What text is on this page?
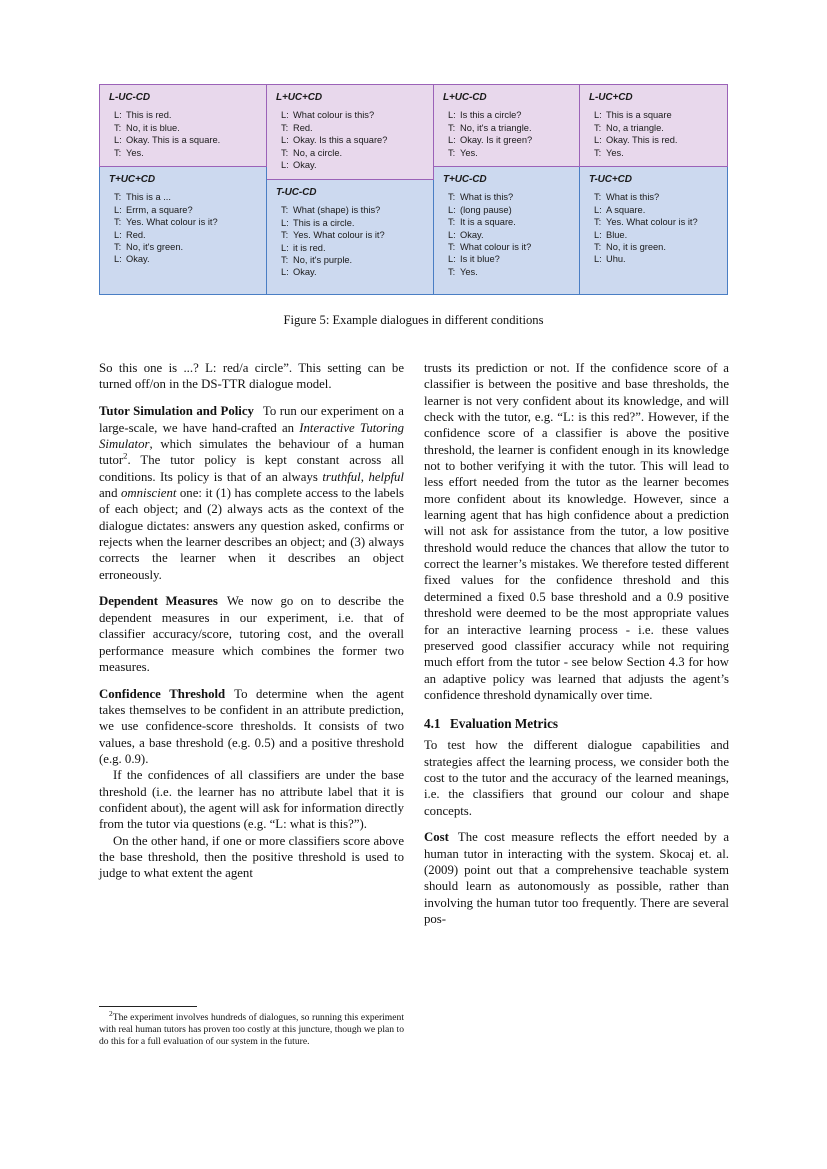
L-UC-CD
L: This is red.
T: No, it is blue.
L: Okay. This is a square.
T: Yes.
T+UC+CD
T: This is a ...
L: Errm, a square?
T: Yes. What colour is it?
L: Red.
T: No, it's green.
L: Okay.
L+UC+CD
L: What colour is this?
T: Red.
L: Okay. Is this a square?
T: No, a circle.
L: Okay.
T-UC-CD
T: What (shape) is this?
L: This is a circle.
T: Yes. What colour is it?
L: it is red.
T: No, it's purple.
L: Okay.
L+UC-CD
L: Is this a circle?
T: No, it's a triangle.
L: Okay. Is it green?
T: Yes.
T+UC-CD
T: What is this?
L: (long pause)
T: It is a square.
L: Okay.
T: What colour is it?
L: Is it blue?
T: Yes.
L-UC+CD
L: This is a square
T: No, a triangle.
L: Okay. This is red.
T: Yes.
T-UC+CD
T: What is this?
L: A square.
T: Yes. What colour is it?
L: Blue.
T: No, it is green.
L: Uhu.
Figure 5: Example dialogues in different conditions

So this one is ...? L: red/a circle”. This setting can be turned off/on in the DS-TTR dialogue model.

Tutor Simulation and Policy To run our experiment on a large-scale, we have hand-crafted an Interactive Tutoring Simulator, which simulates the behaviour of a human tutor$^2$. The tutor policy is kept constant across all conditions. Its policy is that of an always truthful, helpful and omniscient one: it (1) has complete access to the labels of each object; and (2) always acts as the context of the dialogue dictates: answers any question asked, confirms or rejects when the learner describes an object; and (3) always corrects the learner when it describes an object erroneously.

Dependent Measures We now go on to describe the dependent measures in our experiment, i.e. that of classifier accuracy/score, tutoring cost, and the overall performance measure which combines the former two measures.

Confidence Threshold To determine when the agent takes themselves to be confident in an attribute prediction, we use confidence-score thresholds. It consists of two values, a base threshold (e.g. 0.5) and a positive threshold (e.g. 0.9).

If the confidences of all classifiers are under the base threshold (i.e. the learner has no attribute label that it is confident about), the agent will ask for information directly from the tutor via questions (e.g. “L: what is this?”).

On the other hand, if one or more classifiers score above the base threshold, then the positive threshold is used to judge to what extent the agent

$^2$The experiment involves hundreds of dialogues, so running this experiment with real human tutors has proven too costly at this juncture, though we plan to do this for a full evaluation of our system in the future.

trusts its prediction or not. If the confidence score of a classifier is between the positive and base thresholds, the learner is not very confident about its knowledge, and will check with the tutor, e.g. “L: is this red?”. However, if the confidence score of a classifier is above the positive threshold, the learner is confident enough in its knowledge not to bother verifying it with the tutor. This will lead to less effort needed from the tutor as the learner becomes more confident about its knowledge. However, since a learning agent that has high confidence about a prediction will not ask for assistance from the tutor, a low positive threshold would reduce the chances that allow the tutor to correct the learner’s mistakes. We therefore tested different fixed values for the confidence threshold and this determined a fixed 0.5 base threshold and a 0.9 positive threshold were deemed to be the most appropriate values for an interactive learning process - i.e. these values preserved good classifier accuracy while not requiring much effort from the tutor - see below Section 4.3 for how an adaptive policy was learned that adjusts the agent’s confidence threshold dynamically over time.

4.1 Evaluation Metrics

To test how the different dialogue capabilities and strategies affect the learning process, we consider both the cost to the tutor and the accuracy of the learned meanings, i.e. the classifiers that ground our colour and shape concepts.

Cost The cost measure reflects the effort needed by a human tutor in interacting with the system. Skocaj et. al. (2009) point out that a comprehensive teachable system should learn as autonomously as possible, rather than involving the human tutor too frequently. There are several pos-
